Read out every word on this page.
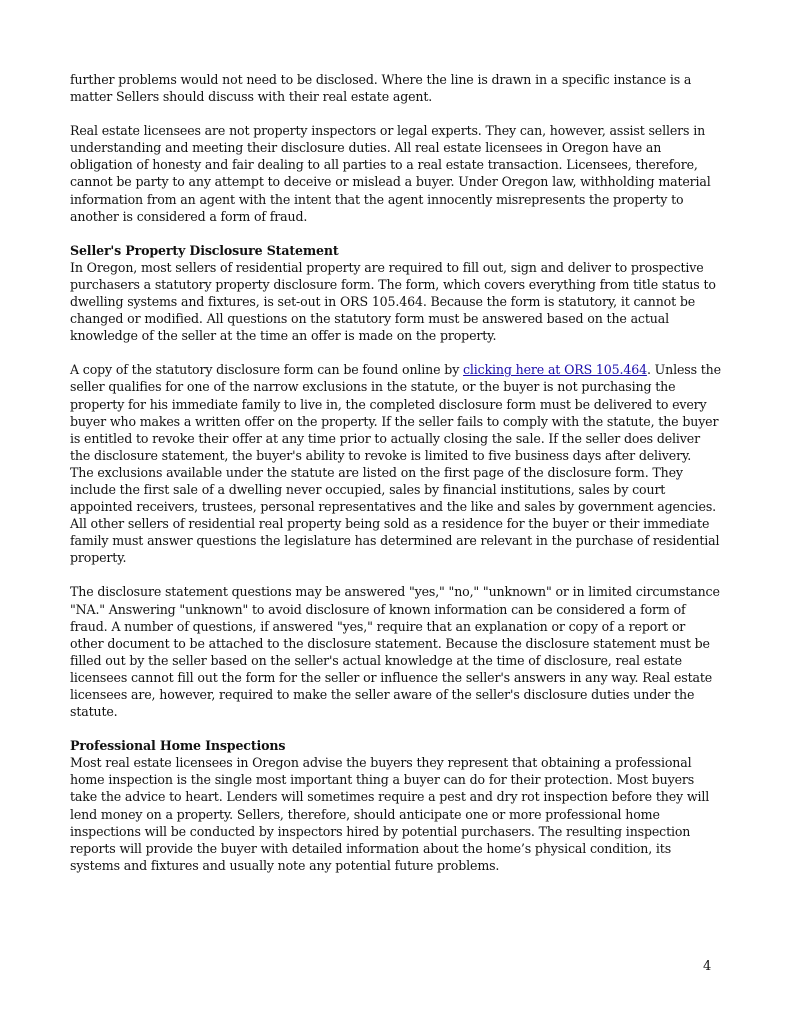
further problems would not need to be disclosed. Where the line is drawn in a specific instance is a matter Sellers should discuss with their real estate agent.

Real estate licensees are not property inspectors or legal experts. They can, however, assist sellers in understanding and meeting their disclosure duties. All real estate licensees in Oregon have an obligation of honesty and fair dealing to all parties to a real estate transaction. Licensees, therefore, cannot be party to any attempt to deceive or mislead a buyer. Under Oregon law, withholding material information from an agent with the intent that the agent innocently misrepresents the property to another is considered a form of fraud.

Seller's Property Disclosure Statement

In Oregon, most sellers of residential property are required to fill out, sign and deliver to prospective purchasers a statutory property disclosure form. The form, which covers everything from title status to dwelling systems and fixtures, is set-out in ORS 105.464. Because the form is statutory, it cannot be changed or modified. All questions on the statutory form must be answered based on the actual knowledge of the seller at the time an offer is made on the property.

A copy of the statutory disclosure form can be found online by clicking here at ORS 105.464. Unless the seller qualifies for one of the narrow exclusions in the statute, or the buyer is not purchasing the property for his immediate family to live in, the completed disclosure form must be delivered to every buyer who makes a written offer on the property. If the seller fails to comply with the statute, the buyer is entitled to revoke their offer at any time prior to actually closing the sale. If the seller does deliver the disclosure statement, the buyer's ability to revoke is limited to five business days after delivery.

The exclusions available under the statute are listed on the first page of the disclosure form. They include the first sale of a dwelling never occupied, sales by financial institutions, sales by court appointed receivers, trustees, personal representatives and the like and sales by government agencies. All other sellers of residential real property being sold as a residence for the buyer or their immediate family must answer questions the legislature has determined are relevant in the purchase of residential property.

The disclosure statement questions may be answered "yes," "no," "unknown" or in limited circumstance "NA." Answering "unknown" to avoid disclosure of known information can be considered a form of fraud. A number of questions, if answered "yes," require that an explanation or copy of a report or other document to be attached to the disclosure statement. Because the disclosure statement must be filled out by the seller based on the seller's actual knowledge at the time of disclosure, real estate licensees cannot fill out the form for the seller or influence the seller's answers in any way. Real estate licensees are, however, required to make the seller aware of the seller's disclosure duties under the statute.

Professional Home Inspections

Most real estate licensees in Oregon advise the buyers they represent that obtaining a professional home inspection is the single most important thing a buyer can do for their protection. Most buyers take the advice to heart. Lenders will sometimes require a pest and dry rot inspection before they will lend money on a property. Sellers, therefore, should anticipate one or more professional home inspections will be conducted by inspectors hired by potential purchasers. The resulting inspection reports will provide the buyer with detailed information about the home’s physical condition, its systems and fixtures and usually note any potential future problems.

4
